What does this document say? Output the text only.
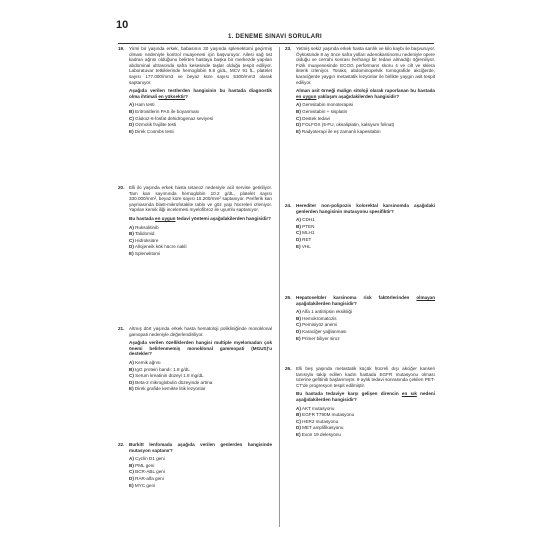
10
1. DENEME SINAVI SORULARI
19.	Yirmi bir yaşında erkek, babasının 30 yaşında splenektomi geçirmiş olması nedeniyle kontrol muayenesi için başvuruyor. Ailesi sağ üst kadran ağrısı olduğunu belirten hastaya başka bir merkezde yapılan abdominal ultrasonda safra kesesinde taşlar olduğu tespit ediliyor. Laboratuvar tetkiklerinde hemoglobin 9.8 g/dL, MCV 91 fL, platelet sayısı 177.000/mm3 ve beyaz küre sayısı 5300/mm3 olarak saptanıyor.
Aşağıda verilen testlerden hangisinin bu hastada diagnostik olma ihtimali en yüksektir?
A) Ham testi
B) Eritrositlerin PAS ile boyanması
C) Glukoz-6-fosfat dehidrogenaz seviyesi
D) Ozmotik frajilite testi
E) Direk Coombs testi
20.	Elli iki yaşında erkek hasta tetanoz nedeniyle acil servise getiriliyor. Tam kan sayımında hemoglobin 10.2 g/dL, platelet sayısı 330.000/mm², beyaz küre sayısı 15.200/mm² saptanıyor. Periferik kan yaymasında blast-mikrofotakite tablo ve göz yaşı hücreleri izleniyor. Yapılan kemik iliği incelemesi myelofibroz ile uyumlu saptanıyor.
Bu hastada en uygun tedavi yöntemi aşağıdakilerden hangisidir?
A) Ruksolitinib
B) Talidomid
C) Hidroksiüre
D) Allojeneik kök hücre nakli
E) Splenektomi
21.	Altmış dört yaşında erkek hasta hematoloji polikliniğinde monoklonal gamopati nedeniyle değerlendiriliyor.
Aşağıda verilen özelliklerden hangisi multiple myelomadan çok önemi belirlenmemiş monoklonal gammopati (MGUS)'u destekler?
A) Kemik ağrısı
B) IgG protein bandı: 1.8 g/dL
C) Serum kreatinin düzeyi 1.8 mg/dL
D) Beta-2 mikroglobulin düzeyinde artma
E) Direk grafide kemikte litik lezyonlar
22.	Burkitt lenfomada aşağıda verilen genlerden hangisinde mutasyon saptanır?
A) Cyclin D1 geni
B) PML geni
C) BCR-ABL geni
D) RAR-alfa geni
E) MYC geni
23.	Yetmiş sekiz yaşında erkek hasta sarılık ve kilo kaybı ile başvuruyor. Öyküsünde 8 ay önce safra yolları adenokarsinomu nedeniyle opere olduğu ve cerrahi sonrası herhangi bir tedavi almadığı öğreniliyor. Fizik muayenesinde ECOG performans skoru 4 ve cilt ve sklera ikterik izleniyor. Toraks, abdominopelvik tomografide akciğerde, karaciğerde yaygın metastatik lezyonlar ile birlikte yaygın asit tespit ediliyor.
Alınan asit örneği malign sitoloji olarak raporlanan bu hastada en uygun yaklaşım aşağıdakilerden hangisidir?
A) Gemsitabin monoterapisi
B) Gemsitabin + sisplatin
C) Destek tedavi
D) FOLFOX (5-FU, oksaliplatin, kalsiyum folinat)
E) Radyoterapi ile eş zamanlı kapesitabin
24.	Herediter non-polipozis kolorektal karsinomda aşağıdaki genlerden hangisinin mutasyonu spesifiktir?
A) CDH1
B) PTEN
C) MLH1
D) RET
E) VHL
25.	Hepatoselüler karsinoma risk faktörlerinden olmayan aşağıdakilerden hangisidir?
A) Alfa 1 antitripsin eksikliği
B) Hemokromatozis
C) Pernisiyöz anemi
D) Karaciğer yağlanması
E) Primer biliyer siroz
26.	Elli beş yaşında metastatik küçük hücreli dışı akciğer kanseri tanısıyla takip edilen kadın hastada EGFR mutasyonu olması üzerine gefitinib başlanmıştır. 9 aylık tedavi sonrasında çekilen PET-CT'de progresyon tespit edilmiştir.
Bu hastada tedaviye karşı gelişen direncin en sık nedeni aşağıdakilerden hangisidir?
A) AKT mutasyonu
B) EGFR T790M mutasyonu
C) HER2 mutasyonu
D) MET amplifikasyonu
E) Exon 19 delesyonu
